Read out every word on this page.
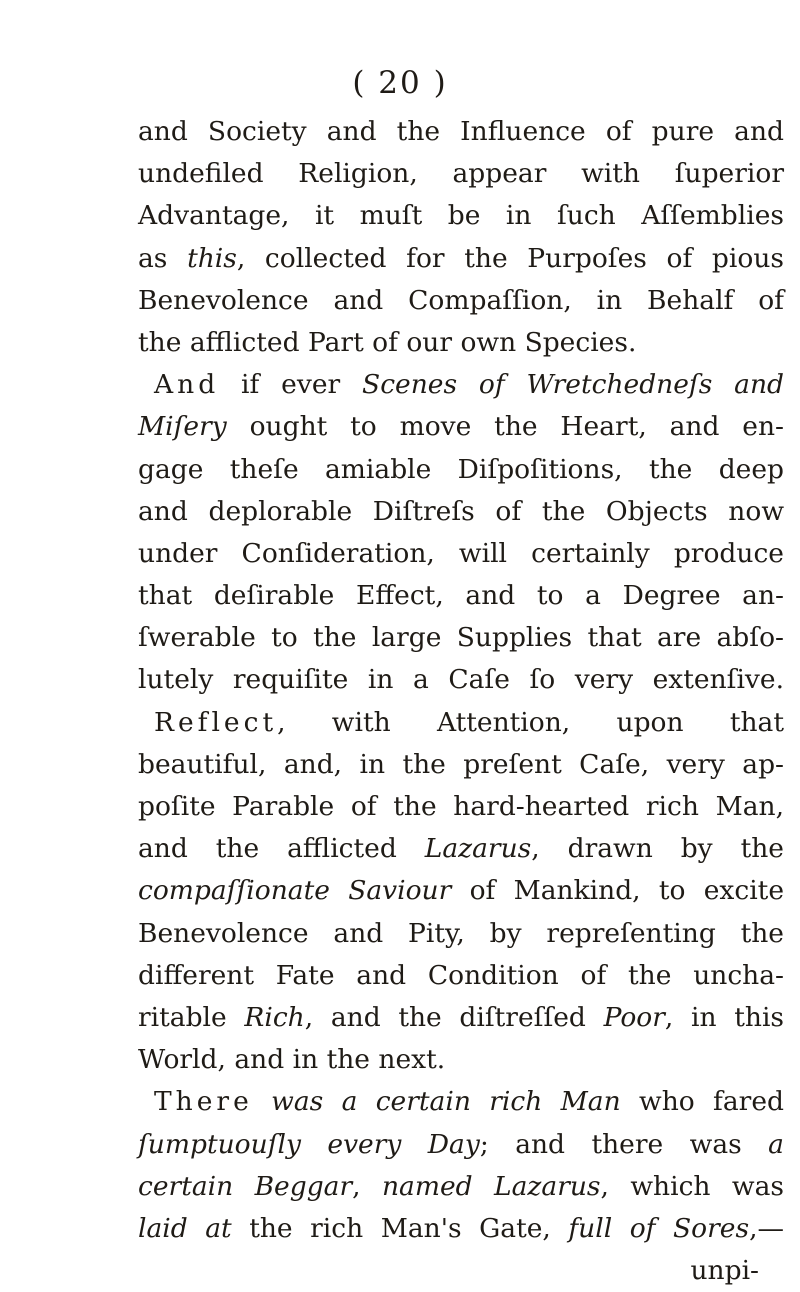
( 20 )
and Society and the Influence of pure and
undefiled Religion, appear with ſuperior
Advantage, it muſt be in ſuch Aſſemblies
as this, collected for the Purpoſes of pious
Benevolence and Compaſſion, in Behalf of
the afflicted Part of our own Species.
And if ever Scenes of Wretchedneſs and
Miſery ought to move the Heart, and en-
gage theſe amiable Diſpoſitions, the deep
and deplorable Diſtreſs of the Objects now
under Conſideration, will certainly produce
that deſirable Effect, and to a Degree an-
ſwerable to the large Supplies that are abſo-
lutely requiſite in a Caſe ſo very extenſive.
Reflect, with Attention, upon that
beautiful, and, in the preſent Caſe, very ap-
poſite Parable of the hard-hearted rich Man,
and the afflicted Lazarus, drawn by the
compaſſionate Saviour of Mankind, to excite
Benevolence and Pity, by repreſenting the
different Fate and Condition of the uncha-
ritable Rich, and the diſtreſſed Poor, in this
World, and in the next.
There was a certain rich Man who fared
ſumptuouſly every Day; and there was a
certain Beggar, named Lazarus, which was
laid at the rich Man's Gate, full of Sores,—
unpi-
